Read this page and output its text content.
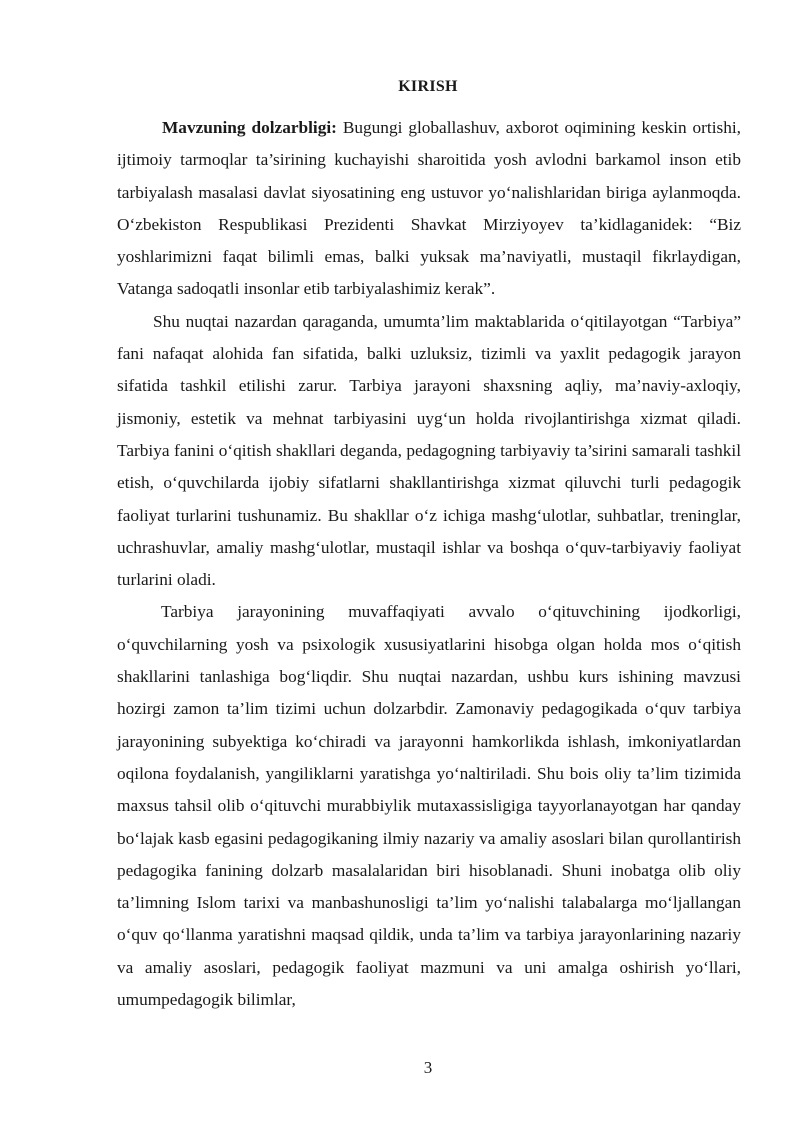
KIRISH

Mavzuning dolzarbligi: Bugungi globallashuv, axborot oqimining keskin ortishi, ijtimoiy tarmoqlar ta’sirining kuchayishi sharoitida yosh avlodni barkamol inson etib tarbiyalash masalasi davlat siyosatining eng ustuvor yo‘nalishlaridan biriga aylanmoqda. O‘zbekiston Respublikasi Prezidenti Shavkat Mirziyoyev ta’kidlaganidek: “Biz yoshlarimizni faqat bilimli emas, balki yuksak ma’naviyatli, mustaqil fikrlaydigan, Vatanga sadoqatli insonlar etib tarbiyalashimiz kerak”.

Shu nuqtai nazardan qaraganda, umumta’lim maktablarida o‘qitilayotgan “Tarbiya” fani nafaqat alohida fan sifatida, balki uzluksiz, tizimli va yaxlit pedagogik jarayon sifatida tashkil etilishi zarur. Tarbiya jarayoni shaxsning aqliy, ma’naviy-axloqiy, jismoniy, estetik va mehnat tarbiyasini uyg‘un holda rivojlantirishga xizmat qiladi. Tarbiya fanini o‘qitish shakllari deganda, pedagogning tarbiyaviy ta’sirini samarali tashkil etish, o‘quvchilarda ijobiy sifatlarni shakllantirishga xizmat qiluvchi turli pedagogik faoliyat turlarini tushunamiz. Bu shakllar o‘z ichiga mashg‘ulotlar, suhbatlar, treninglar, uchrashuvlar, amaliy mashg‘ulotlar, mustaqil ishlar va boshqa o‘quv-tarbiyaviy faoliyat turlarini oladi.

Tarbiya jarayonining muvaffaqiyati avvalo o‘qituvchining ijodkorligi, o‘quvchilarning yosh va psixologik xususiyatlarini hisobga olgan holda mos o‘qitish shakllarini tanlashiga bog‘liqdir. Shu nuqtai nazardan, ushbu kurs ishining mavzusi hozirgi zamon ta’lim tizimi uchun dolzarbdir. Zamonaviy pedagogikada o‘quv tarbiya jarayonining subyektiga ko‘chiradi va jarayonni hamkorlikda ishlash, imkoniyatlardan oqilona foydalanish, yangiliklarni yaratishga yo‘naltiriladi. Shu bois oliy ta’lim tizimida maxsus tahsil olib o‘qituvchi murabbiylik mutaxassisligiga tayyorlanayotgan har qanday bo‘lajak kasb egasini pedagogikaning ilmiy nazariy va amaliy asoslari bilan qurollantirish pedagogika fanining dolzarb masalalaridan biri hisoblanadi. Shuni inobatga olib oliy ta’limning Islom tarixi va manbashunosligi ta’lim yo‘nalishi talabalarga mo‘ljallangan o‘quv qo‘llanma yaratishni maqsad qildik, unda ta’lim va tarbiya jarayonlarining nazariy va amaliy asoslari, pedagogik faoliyat mazmuni va uni amalga oshirish yo‘llari, umumpedagogik bilimlar,

3
